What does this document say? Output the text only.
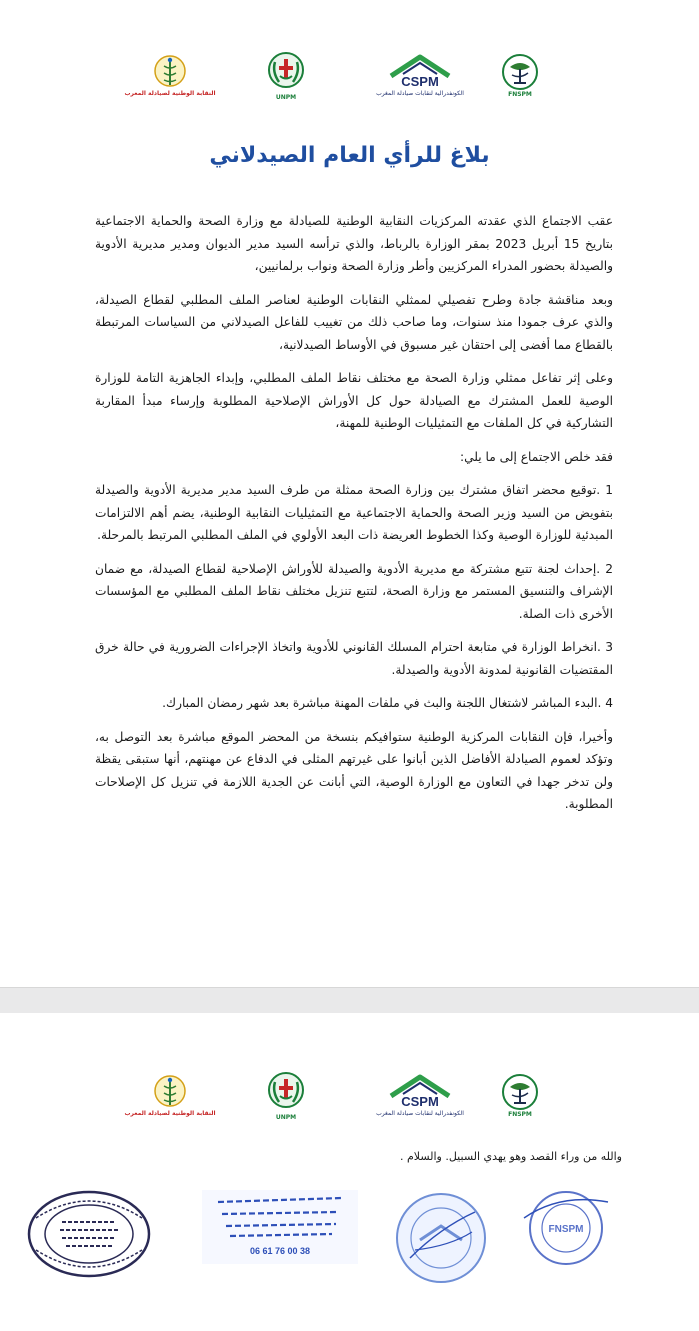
النقابة الوطنية لصيادلة المغرب
UNPM
CSPM
الكونفدرالية لنقابات صيادلة المغرب	FNSPM
بلاغ للرأي العام الصيدلاني

عقب الاجتماع الذي عقدته المركزيات النقابية الوطنية للصيادلة مع وزارة الصحة والحماية الاجتماعية بتاريخ 15 أبريل 2023 بمقر الوزارة بالرباط، والذي ترأسه السيد مدير الديوان ومدير مديرية الأدوية والصيدلة بحضور المدراء المركزيين وأطر وزارة الصحة ونواب برلمانيين،

وبعد مناقشة جادة وطرح تفصيلي لممثلي النقابات الوطنية لعناصر الملف المطلبي لقطاع الصيدلة، والذي عرف جمودا منذ سنوات، وما صاحب ذلك من تغييب للفاعل الصيدلاني من السياسات المرتبطة بالقطاع مما أفضى إلى احتقان غير مسبوق في الأوساط الصيدلانية،

وعلى إثر تفاعل ممثلي وزارة الصحة مع مختلف نقاط الملف المطلبي، وإبداء الجاهزية التامة للوزارة الوصية للعمل المشترك مع الصيادلة حول كل الأوراش الإصلاحية المطلوبة وإرساء مبدأ المقاربة التشاركية في كل الملفات مع التمثيليات الوطنية للمهنة،

فقد خلص الاجتماع إلى ما يلي:

1 .توقيع محضر اتفاق مشترك بين وزارة الصحة ممثلة من طرف السيد مدير مديرية الأدوية والصيدلة بتفويض من السيد وزير الصحة والحماية الاجتماعية مع التمثيليات النقابية الوطنية، يضم أهم الالتزامات المبدئية للوزارة الوصية وكذا الخطوط العريضة ذات البعد الأولوي في الملف المطلبي المرتبط بالمرحلة.

2 .إحداث لجنة تتبع مشتركة مع مديرية الأدوية والصيدلة للأوراش الإصلاحية لقطاع الصيدلة، مع ضمان الإشراف والتنسيق المستمر مع وزارة الصحة، لتتبع تنزيل مختلف نقاط الملف المطلبي مع المؤسسات الأخرى ذات الصلة.

3 .انخراط الوزارة في متابعة احترام المسلك القانوني للأدوية واتخاذ الإجراءات الضرورية في حالة خرق المقتضيات القانونية لمدونة الأدوية والصيدلة.

4 .البدء المباشر لاشتغال اللجنة والبث في ملفات المهنة مباشرة بعد شهر رمضان المبارك.

وأخيرا، فإن النقابات المركزية الوطنية ستوافيكم بنسخة من المحضر الموقع مباشرة بعد التوصل به، وتؤكد لعموم الصيادلة الأفاضل الذين أبانوا على غيرتهم المثلى في الدفاع عن مهنتهم، أنها ستبقى يقظة ولن تدخر جهدا في التعاون مع الوزارة الوصية، التي أبانت عن الجدية اللازمة في تنزيل كل الإصلاحات المطلوبة.

النقابة الوطنية لصيادلة المغرب
UNPM
CSPM
الكونفدرالية لنقابات صيادلة المغرب	FNSPM
والله من وراء القصد وهو يهدي السبيل. والسلام .
06 61 76 00 38
FNSPM
